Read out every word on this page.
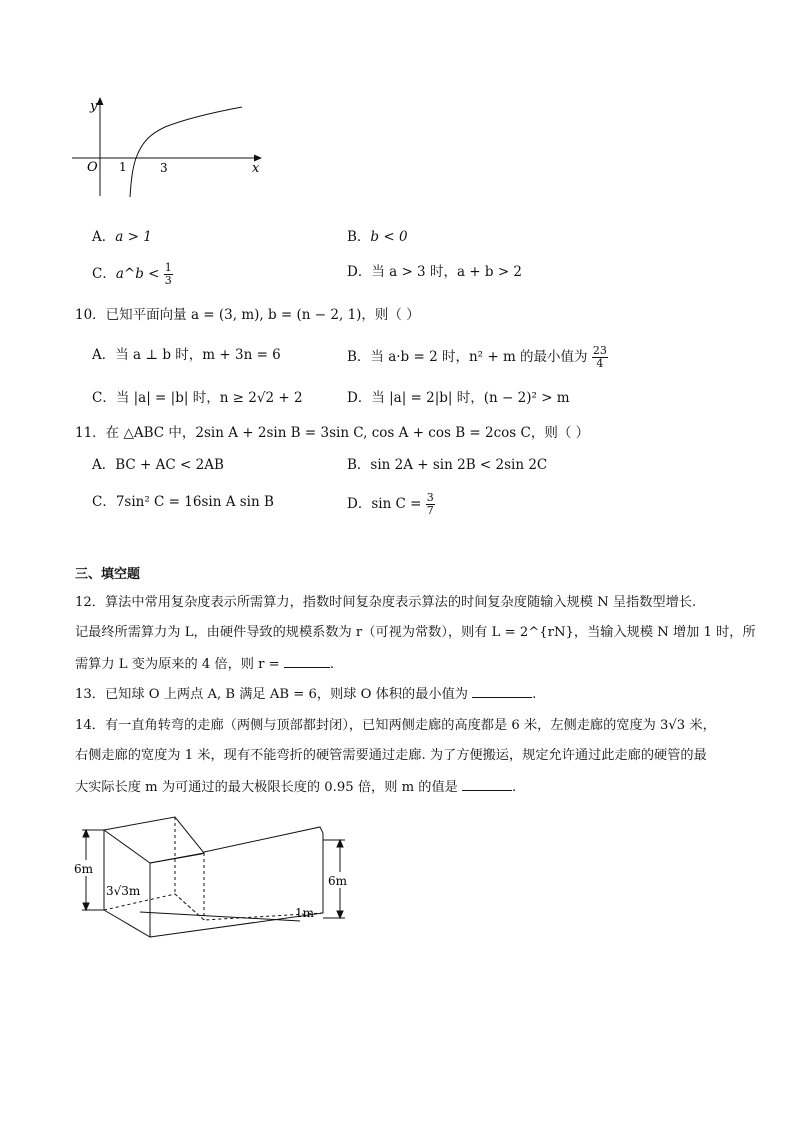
y
x
O 1	3
A．a > 1	B．b < 0
C．a^b < $\frac{1}{3}$	D．当 a > 3 时，a + b > 2
10．已知平面向量 a = (3, m), b = (n − 2, 1)，则（ ）
A．当 a ⊥ b 时，m + 3n = 6	B．当 a·b = 2 时，n² + m 的最小值为 $\frac{23}{4}$
C．当 |a| = |b| 时，n ≥ 2√2 + 2	D．当 |a| = 2|b| 时，(n − 2)² > m
11．在 △ABC 中，2sin A + 2sin B = 3sin C, cos A + cos B = 2cos C，则（ ）
A．BC + AC < 2AB	B．sin 2A + sin 2B < 2sin 2C
C．7sin² C = 16sin A sin B	D．$\sin C = \frac{3}{7}$
三、填空题
12．算法中常用复杂度表示所需算力，指数时间复杂度表示算法的时间复杂度随输入规模 N 呈指数型增长.
记最终所需算力为 L，由硬件导致的规模系数为 r（可视为常数），则有 L = 2^{rN}，当输入规模 N 增加 1 时，所
需算力 L 变为原来的 4 倍，则 r =	.
13．已知球 O 上两点 A, B 满足 AB = 6，则球 O 体积的最小值为	.
14．有一直角转弯的走廊（两侧与顶部都封闭），已知两侧走廊的高度都是 6 米，左侧走廊的宽度为 3√3 米，
右侧走廊的宽度为 1 米，现有不能弯折的硬管需要通过走廊. 为了方便搬运，规定允许通过此走廊的硬管的最
大实际长度 m 为可通过的最大极限长度的 0.95 倍，则 m 的值是	.
6m
6m
3√3m
1m
